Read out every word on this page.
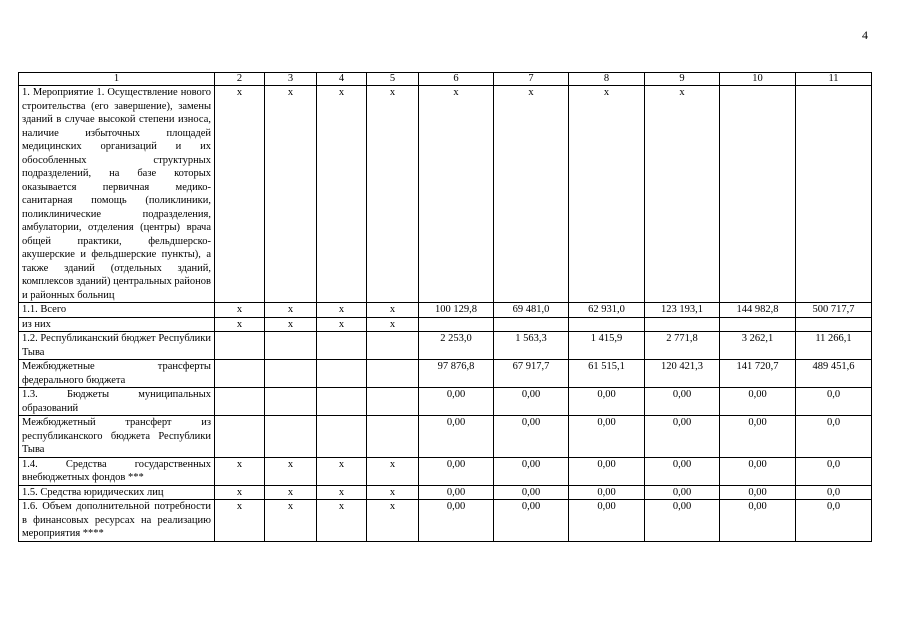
4
1	2	3	4	5	6	7	8	9	10	11
1. Мероприятие 1. Осуществление нового строительства (его завершение), замены зданий в случае высокой степени износа, наличие избыточных площадей медицинских организаций и их обособленных структурных подразделений, на базе которых оказывается первичная медико-санитарная помощь (поликлиники, поликлинические подразделения, амбулатории, отделения (центры) врача общей практики, фельдшерско-акушерские и фельдшерские пункты), а также зданий (отдельных зданий, комплексов зданий) центральных районов и районных больниц	x	x	x	x	x	x	x	x		
1.1. Всего	x	x	x	x	100 129,8	69 481,0	62 931,0	123 193,1	144 982,8	500 717,7
из них	x	x	x	x						
1.2. Республиканский бюджет Республики Тыва					2 253,0	1 563,3	1 415,9	2 771,8	3 262,1	11 266,1
Межбюджетные трансферты федерального бюджета					97 876,8	67 917,7	61 515,1	120 421,3	141 720,7	489 451,6
1.3. Бюджеты муниципальных образований					0,00	0,00	0,00	0,00	0,00	0,0
Межбюджетный трансферт из республиканского бюджета Республики Тыва					0,00	0,00	0,00	0,00	0,00	0,0
1.4. Средства государственных внебюджетных фондов ***	x	x	x	x	0,00	0,00	0,00	0,00	0,00	0,0
1.5. Средства юридических лиц	x	x	x	x	0,00	0,00	0,00	0,00	0,00	0,0
1.6. Объем дополнительной потребности в финансовых ресурсах на реализацию мероприятия ****	x	x	x	x	0,00	0,00	0,00	0,00	0,00	0,0
